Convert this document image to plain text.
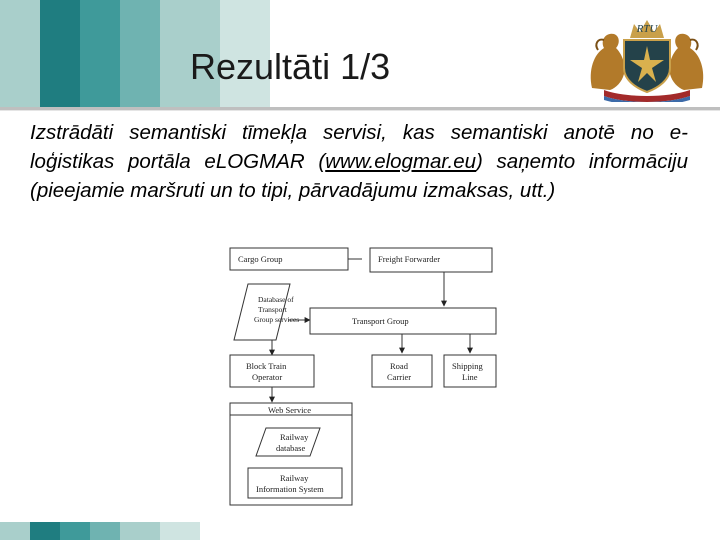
Rezultāti 1/3
RTU
Izstrādāti semantiski tīmekļa servisi, kas semantiski anotē no e-loģistikas portāla eLOGMAR (www.elogmar.eu) saņemto informāciju (pieejamie maršruti un to tipi, pārvadājumu izmaksas, utt.)
Cargo Group	Freight Forwarder
Database of
Transport
Group services	Transport Group
Block Train
Operator
Road
Carrier
Shipping
Line
Web Service
Railway
database
Railway
Information System
